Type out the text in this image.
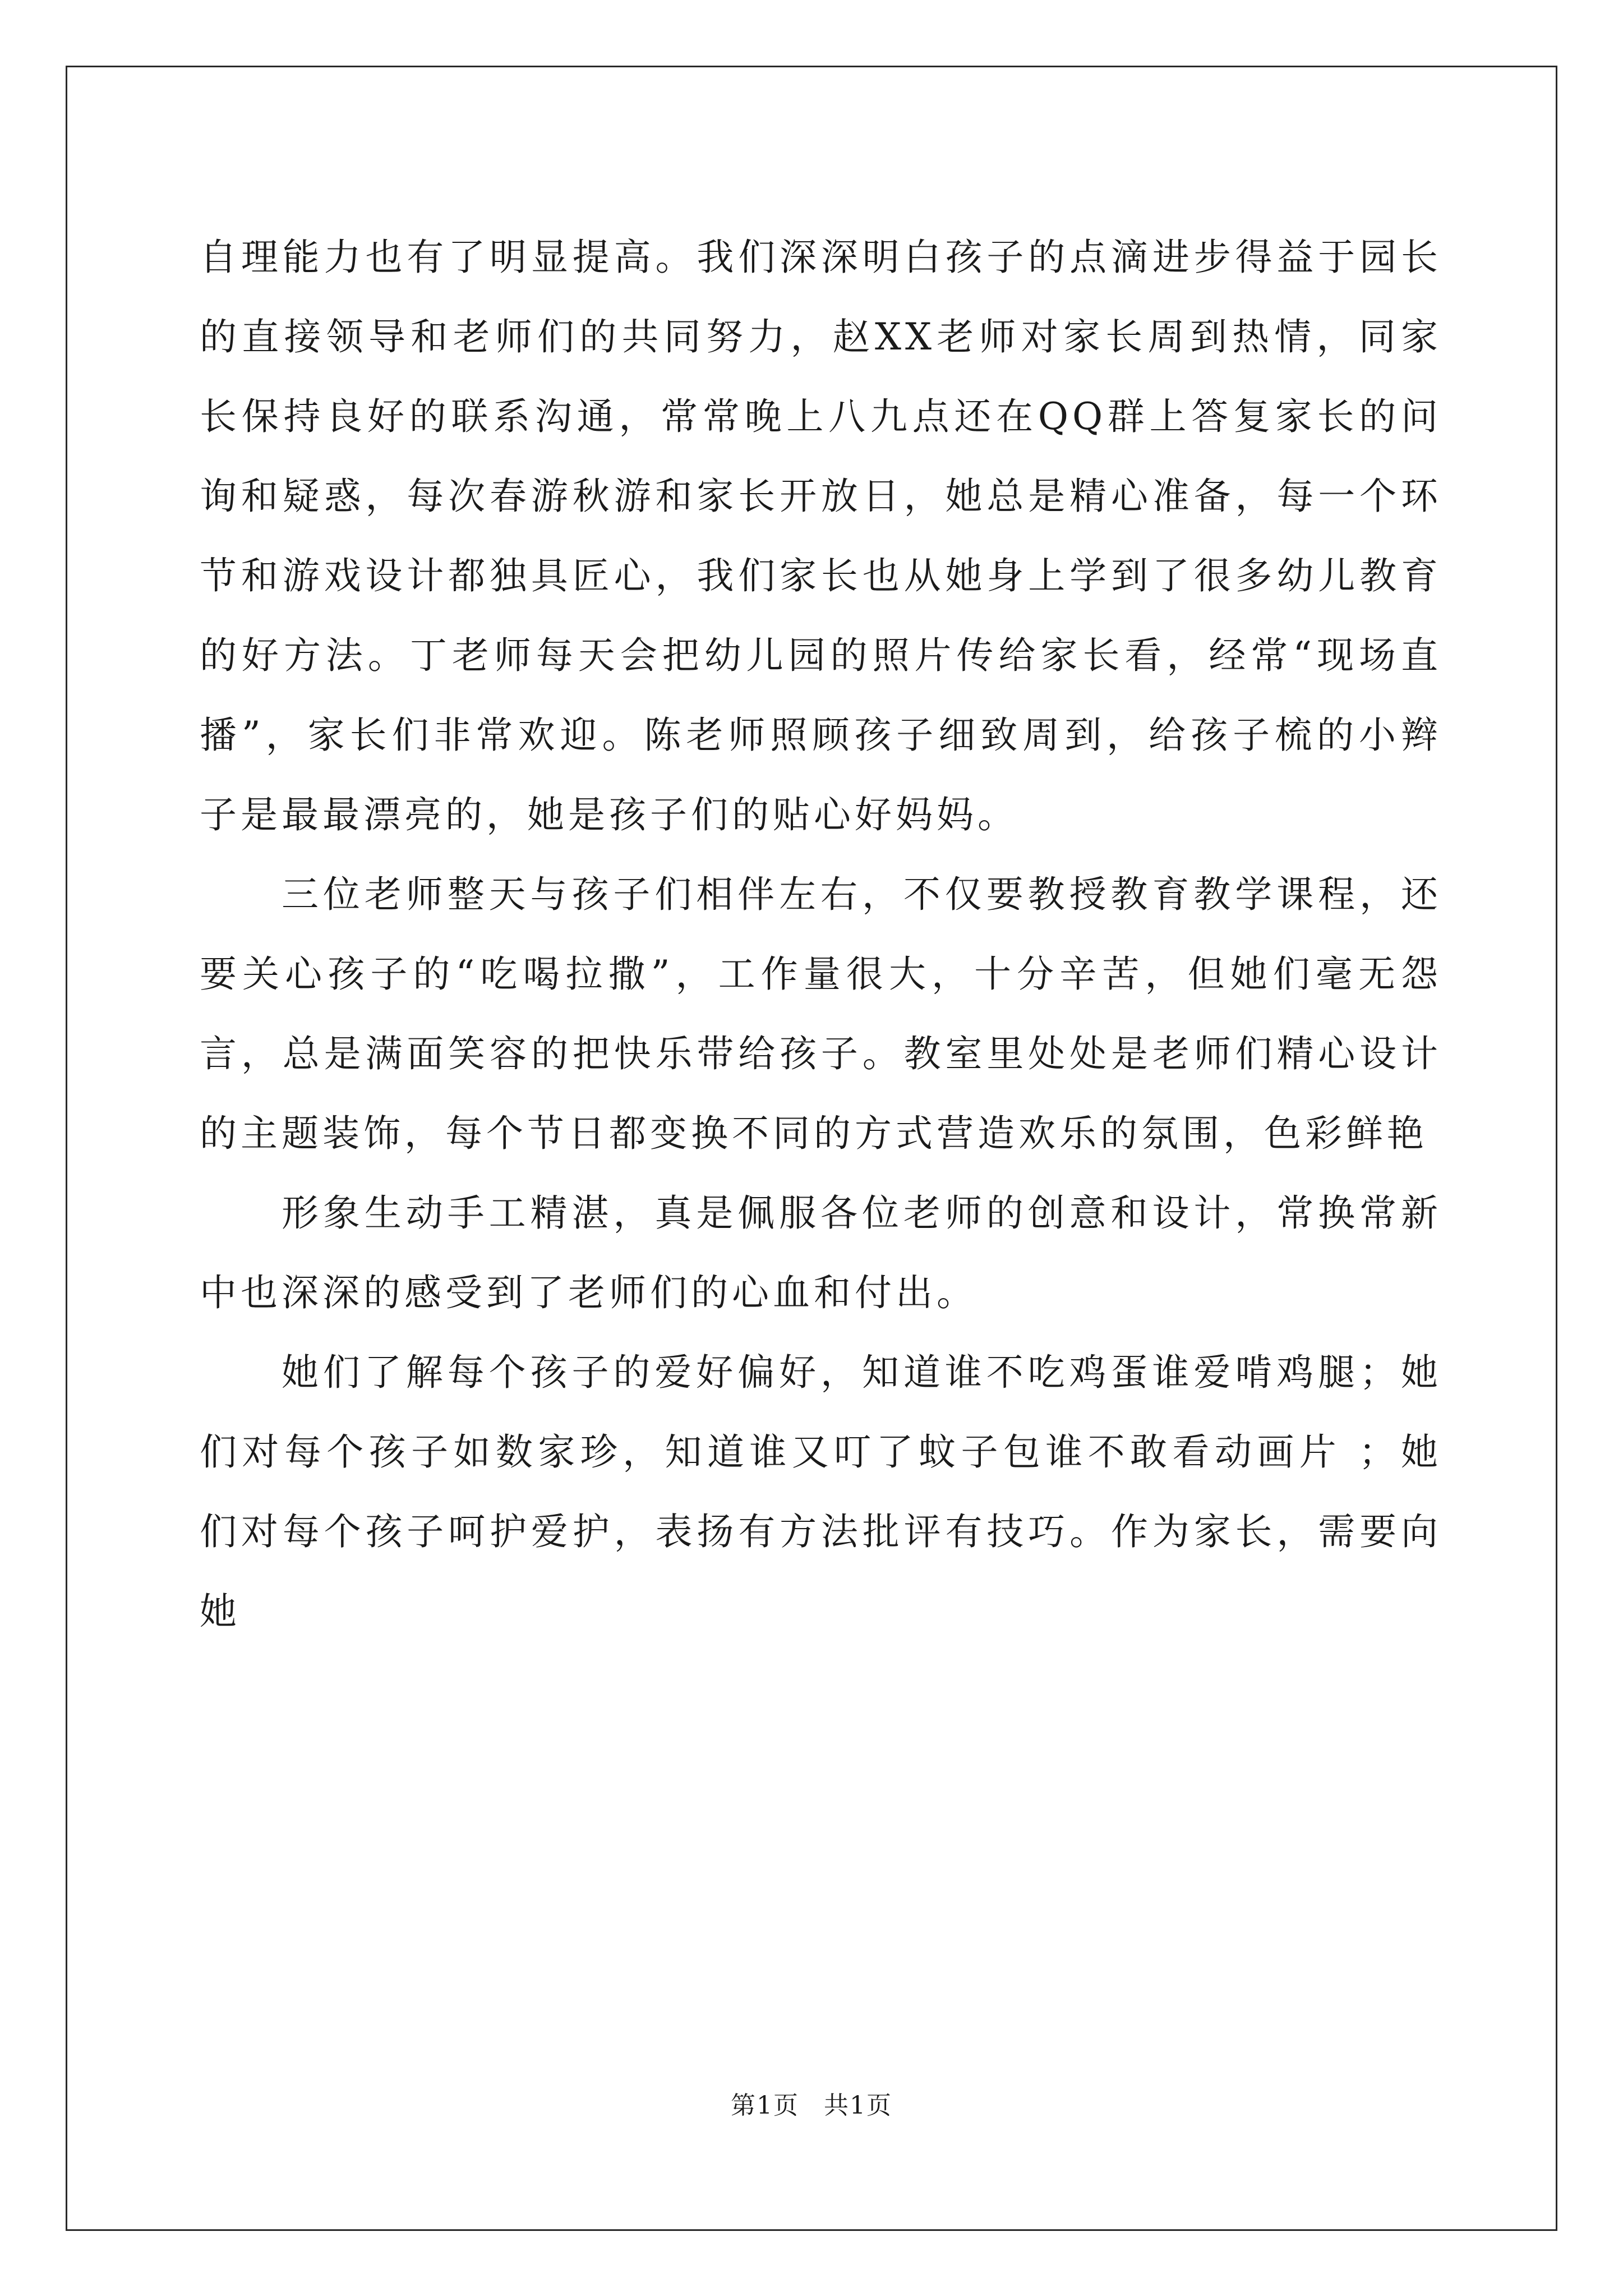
自理能力也有了明显提高。我们深深明白孩子的点滴进步得益于园长的直接领导和老师们的共同努力，赵XX老师对家长周到热情，同家长保持良好的联系沟通，常常晚上八九点还在QQ群上答复家长的问询和疑惑，每次春游秋游和家长开放日，她总是精心准备，每一个环节和游戏设计都独具匠心，我们家长也从她身上学到了很多幼儿教育的好方法。丁老师每天会把幼儿园的照片传给家长看，经常“现场直播”，家长们非常欢迎。陈老师照顾孩子细致周到，给孩子梳的小辫子是最最漂亮的，她是孩子们的贴心好妈妈。

三位老师整天与孩子们相伴左右，不仅要教授教育教学课程，还要关心孩子的“吃喝拉撒”，工作量很大，十分辛苦，但她们毫无怨言，总是满面笑容的把快乐带给孩子。教室里处处是老师们精心设计的主题装饰，每个节日都变换不同的方式营造欢乐的氛围，色彩鲜艳

形象生动手工精湛，真是佩服各位老师的创意和设计，常换常新中也深深的感受到了老师们的心血和付出。

她们了解每个孩子的爱好偏好，知道谁不吃鸡蛋谁爱啃鸡腿；她们对每个孩子如数家珍，知道谁又叮了蚊子包谁不敢看动画片 ；她们对每个孩子呵护爱护，表扬有方法批评有技巧。作为家长，需要向她

第1页 共1页
